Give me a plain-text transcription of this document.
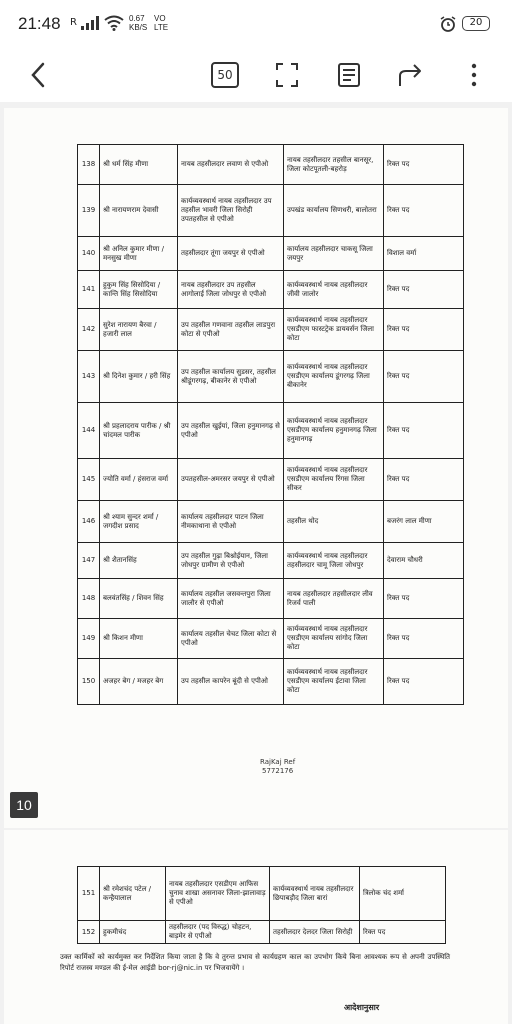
21:48 R	0.67
KB/S
VO
LTE	20
50
138	श्री धर्म सिंह मीणा	नायब तहसीलदार लवाण से एपीओ	नायब तहसीलदार तहसील बानसूर, जिला कोटपूतली-बहरोड़	रिक्त पद
139	श्री नारायणराम देवासी	कार्यव्यवस्थार्थ नायब तहसीलदार उप तहसील भावरी जिला सिरोही उपतहसील से एपीओ	उपखंड कार्यालय सिणधरी, बालोतरा	रिक्त पद
140	श्री अनिल कुमार मीणा / मनसुख मीणा	तहसीलदार तूंगा जयपुर से एपीओ	कार्यालय तहसीलदार चाकसू जिला जयपुर	विशाल वर्मा
141	हुकुम सिंह सिसोदिया / कान्ति सिंह सिसोदिया	नायब तहसीलदार उप तहसील आगोलाई जिला जोधपुर से एपीओ	कार्यव्यवस्थार्थ नायब तहसीलदार जीवी जालोर	रिक्त पद
142	सुरेश नारायण बैरवा / हजारी लाल	उप तहसील गणवाना तहसील लाडपुरा कोटा से एपीओ	कार्यव्यवस्थार्थ नायब तहसीलदार एसडीएम फास्टट्रेक डायवर्सन जिला कोटा	रिक्त पद
143	श्री दिनेश कुमार / हरी सिंह	उप तहसील कार्यालय सुडसर, तहसील श्रीडूंगरगढ़, बीकानेर से एपीओ	कार्यव्यवस्थार्थ नायब तहसीलदार एसडीएम कार्यालय डूंगरगढ़ जिला बीकानेर	रिक्त पद
144	श्री प्रहलादराय पारीक / श्री चांदमल पारीक	उप तहसील खुईयां, जिला हनुमानगढ़ से एपीओ	कार्यव्यवस्थार्थ नायब तहसीलदार एसडीएम कार्यालय हनुमानगढ़ जिला हनुमानगढ़	रिक्त पद
145	ज्योति वर्मा / हंसराज वर्मा	उपतहसील-अमरसर जयपुर से एपीओ	कार्यव्यवस्थार्थ नायब तहसीलदार एसडीएम कार्यालय रिंगस जिला सीकर	रिक्त पद
146	श्री श्याम सुन्दर शर्मा / जगदीश प्रसाद	कार्यालय तहसीलदार पाटन जिला नीमकाथाना से एपीओ	तहसील थोद	बजरंग लाल मीणा
147	श्री शैतानसिंह	उप तहसील गुढ़ा बिश्नोईयान, जिला जोधपुर ग्रामीण से एपीओ	कार्यव्यवस्थार्थ नायब तहसीलदार तहसीलदार चामू जिला जोधपुर	देवाराम चौधरी
148	बलवंतसिंह / शिवन सिंह	कार्यालय तहसील जसवन्तपुरा जिला जालौर से एपीओ	नायब तहसीलदार तहसीलदार लीव रिजर्व पाली	रिक्त पद
149	श्री किशन मीणा	कार्यालय तहसील चेचट जिला कोटा से एपीओ	कार्यव्यवस्थार्थ नायब तहसीलदार एसडीएम कार्यालय सांगोद जिला कोटा	रिक्त पद
150	अजहर बेग / मजहर बेग	उप तहसील कापरेन बूंदी से एपीओ	कार्यव्यवस्थार्थ नायब तहसीलदार एसडीएम कार्यालय ईटावा जिला कोटा	रिक्त पद
RajKaj Ref
5772176
10
151	श्री रमेशचंद पटेल / कन्हैयालाल	नायब तहसीलदार एसडीएम आफिस चुनाव शाखा असनावर जिला-झालावाड़ से एपीओ	कार्यव्यवस्थार्थ नायब तहसीलदार छिपाबड़ौद जिला बारां	त्रिलोक चंद शर्मा
152	हुकमीचंद	तहसीलदार (पद विरुद्ध) चोहटन, बाड़मेर से एपीओ	तहसीलदार देलदर जिला सिरोही	रिक्त पद
उक्त कार्मिकों को कार्यमुक्त कर निर्देशित किया जाता है कि वे तुरन्त प्रभाव से कार्यग्रहण काल का उपभोग किये बिना आवश्यक रूप से अपनी उपस्थिति रिपोर्ट राजस्व मण्डल की ई-मेल आईडी bor-rj@nic.in पर भिजवायेंगे ।
आदेशानुसार
